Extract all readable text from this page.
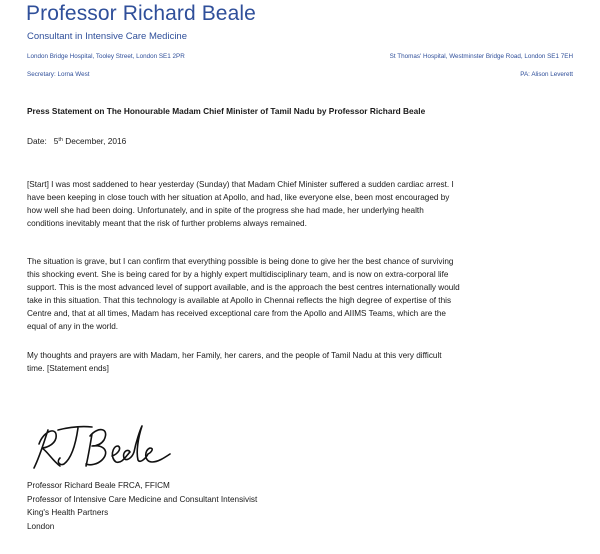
Professor Richard Beale
Consultant in Intensive Care Medicine
London Bridge Hospital, Tooley Street, London SE1 2PR	St Thomas' Hospital, Westminster Bridge Road, London SE1 7EH
Secretary: Lorna West	PA: Alison Leverett
Press Statement on The Honourable Madam Chief Minister of Tamil Nadu by Professor Richard Beale
Date: 5th December, 2016
[Start] I was most saddened to hear yesterday (Sunday) that Madam Chief Minister suffered a sudden cardiac arrest. I
have been keeping in close touch with her situation at Apollo, and had, like everyone else, been most encouraged by
how well she had been doing. Unfortunately, and in spite of the progress she had made, her underlying health
conditions inevitably meant that the risk of further problems always remained.
The situation is grave, but I can confirm that everything possible is being done to give her the best chance of surviving
this shocking event. She is being cared for by a highly expert multidisciplinary team, and is now on extra-corporal life
support. This is the most advanced level of support available, and is the approach the best centres internationally would
take in this situation. That this technology is available at Apollo in Chennai reflects the high degree of expertise of this
Centre and, that at all times, Madam has received exceptional care from the Apollo and AIIMS Teams, which are the
equal of any in the world.
My thoughts and prayers are with Madam, her Family, her carers, and the people of Tamil Nadu at this very difficult
time. [Statement ends]
Professor Richard Beale FRCA, FFICM
Professor of Intensive Care Medicine and Consultant Intensivist
King's Health Partners
London
